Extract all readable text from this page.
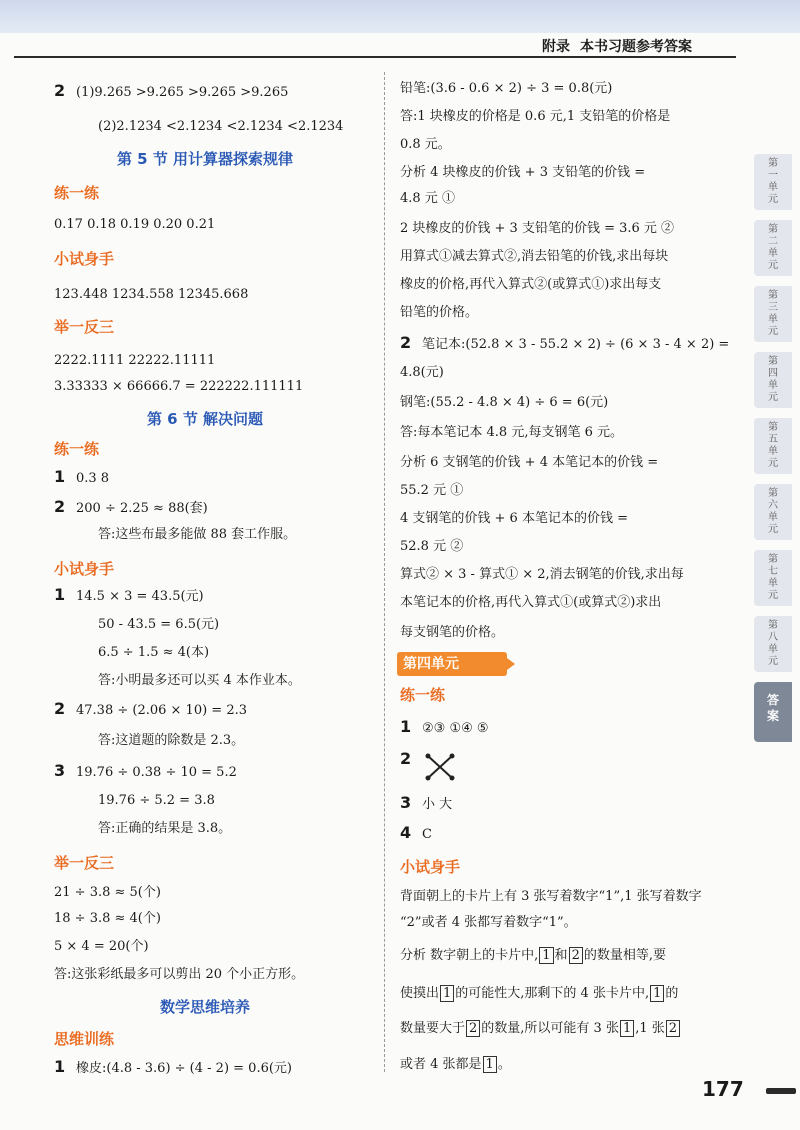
附录 本书习题参考答案
2 (1)9.265 >9.265 >9.265 >9.265
(2)2.1234 <2.1234 <2.1234 <2.1234
第 5 节 用计算器探索规律
练一练
0.17 0.18 0.19 0.20 0.21
小试身手
123.448 1234.558 12345.668
举一反三
2222.1111 22222.11111
3.33333 × 66666.7 = 222222.111111
第 6 节 解决问题
练一练
1 0.3 8
2 200 ÷ 2.25 ≈ 88(套)
答:这些布最多能做 88 套工作服。
小试身手
1 14.5 × 3 = 43.5(元)
50 - 43.5 = 6.5(元)
6.5 ÷ 1.5 ≈ 4(本)
答:小明最多还可以买 4 本作业本。
2 47.38 ÷ (2.06 × 10) = 2.3
答:这道题的除数是 2.3。
3 19.76 ÷ 0.38 ÷ 10 = 5.2
19.76 ÷ 5.2 = 3.8
答:正确的结果是 3.8。
举一反三
21 ÷ 3.8 ≈ 5(个)
18 ÷ 3.8 ≈ 4(个)
5 × 4 = 20(个)
答:这张彩纸最多可以剪出 20 个小正方形。
数学思维培养
思维训练
1 橡皮:(4.8 - 3.6) ÷ (4 - 2) = 0.6(元)
铅笔:(3.6 - 0.6 × 2) ÷ 3 = 0.8(元)
答:1 块橡皮的价格是 0.6 元,1 支铅笔的价格是
0.8 元。
分析 4 块橡皮的价钱 + 3 支铅笔的价钱 =
4.8 元 ①
2 块橡皮的价钱 + 3 支铅笔的价钱 = 3.6 元 ②
用算式①减去算式②,消去铅笔的价钱,求出每块
橡皮的价格,再代入算式②(或算式①)求出每支
铅笔的价格。
2 笔记本:(52.8 × 3 - 55.2 × 2) ÷ (6 × 3 - 4 × 2) =
4.8(元)
钢笔:(55.2 - 4.8 × 4) ÷ 6 = 6(元)
答:每本笔记本 4.8 元,每支钢笔 6 元。
分析 6 支钢笔的价钱 + 4 本笔记本的价钱 =
55.2 元 ①
4 支钢笔的价钱 + 6 本笔记本的价钱 =
52.8 元 ②
算式② × 3 - 算式① × 2,消去钢笔的价钱,求出每
本笔记本的价格,再代入算式①(或算式②)求出
每支钢笔的价格。
练一练
1 ②③ ①④ ⑤
2
3 小 大
4 C
小试身手
背面朝上的卡片上有 3 张写着数字“1”,1 张写着数字
“2”或者 4 张都写着数字“1”。
第四单元
分析 数字朝上的卡片中, 1 和 2 的数量相等,要
使摸出 1 的可能性大,那剩下的 4 张卡片中, 1 的
数量要大于 2 的数量,所以可能有 3 张 1 ,1 张 2
或者 4 张都是 1 。
第一单元
第二单元
第三单元
第四单元
第五单元
第六单元
第七单元
第八单元
答案
177
